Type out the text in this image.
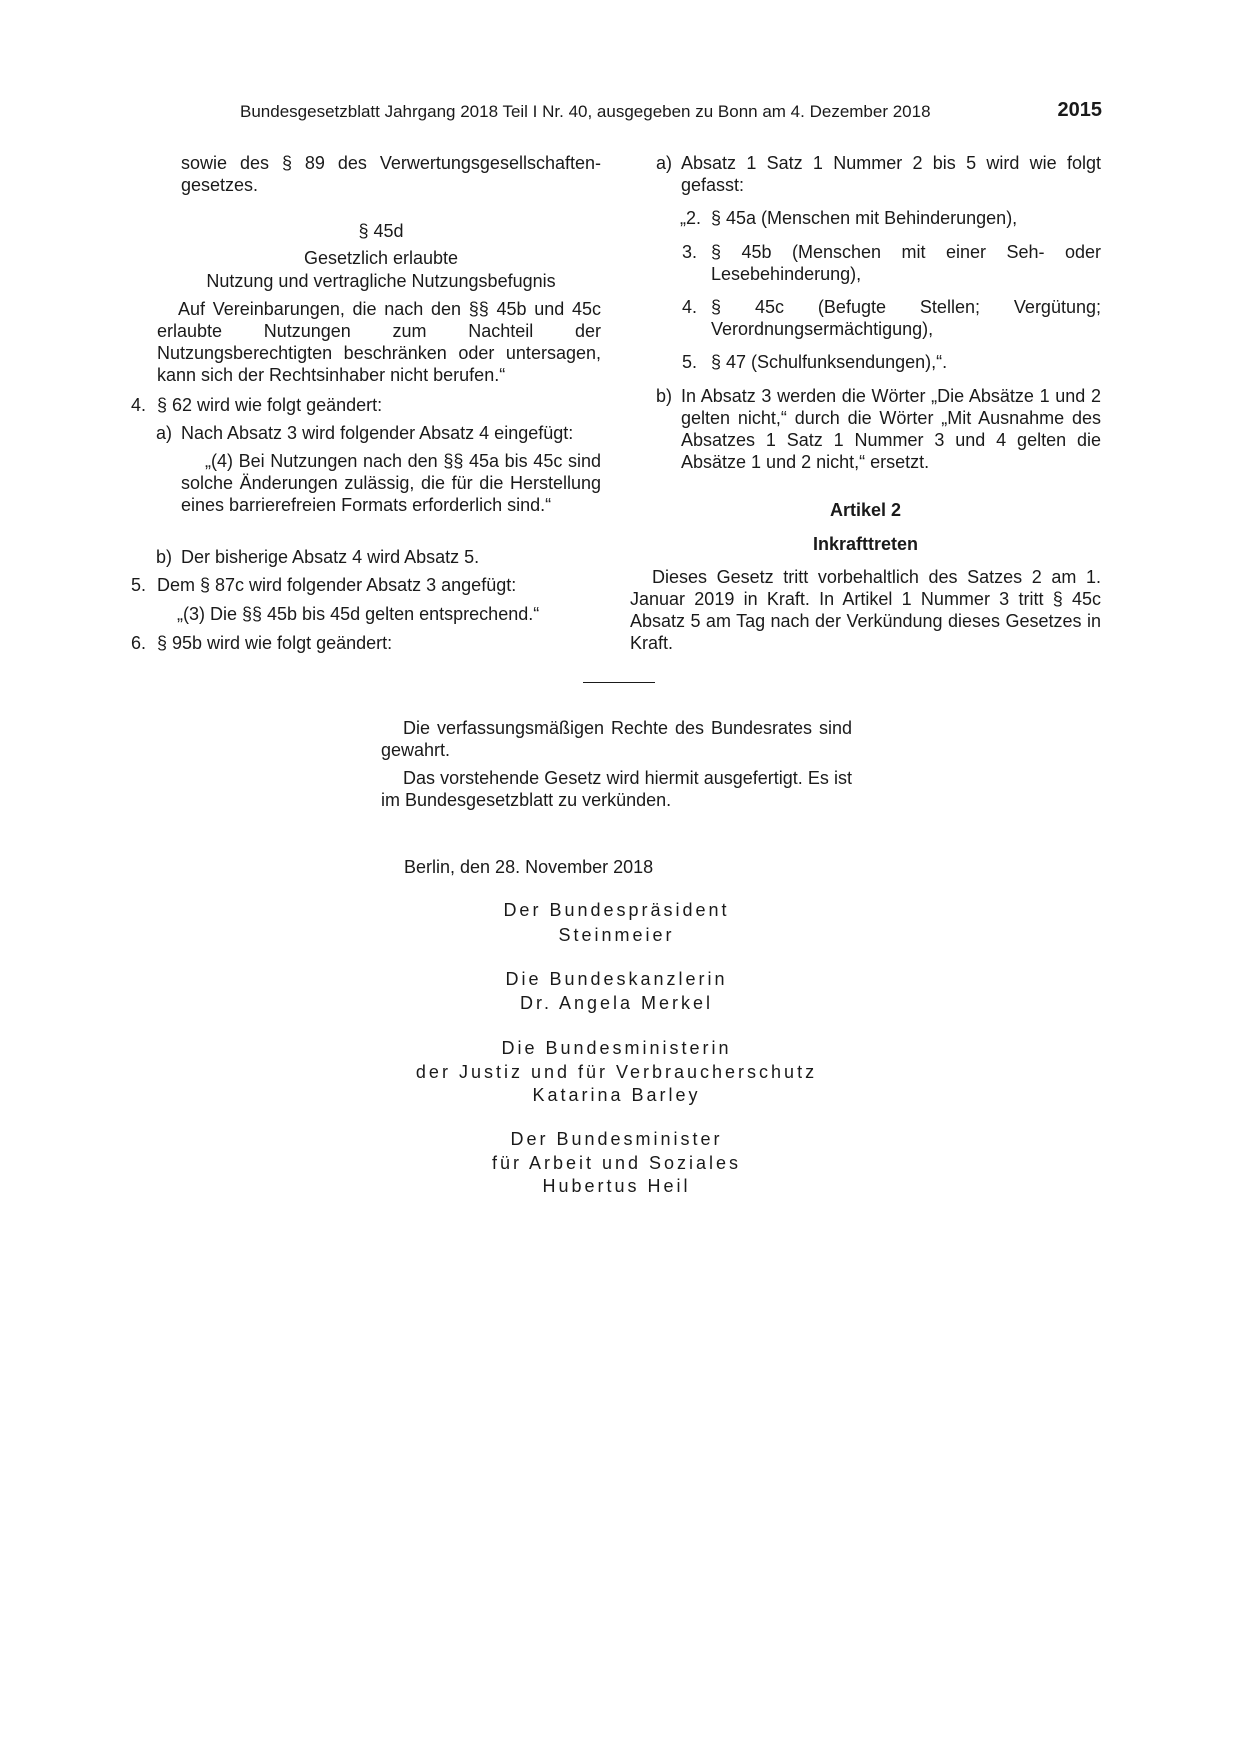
Bundesgesetzblatt Jahrgang 2018 Teil I Nr. 40, ausgegeben zu Bonn am 4. Dezember 2018	2015
sowie des § 89 des Verwertungsgesellschaftengesetzes.
§ 45d
Gesetzlich erlaubte
Nutzung und vertragliche Nutzungsbefugnis
Auf Vereinbarungen, die nach den §§ 45b und 45c erlaubte Nutzungen zum Nachteil der Nutzungsberechtigten beschränken oder untersagen, kann sich der Rechtsinhaber nicht berufen.“
4. § 62 wird wie folgt geändert:
a) Nach Absatz 3 wird folgender Absatz 4 eingefügt:
„(4) Bei Nutzungen nach den §§ 45a bis 45c sind solche Änderungen zulässig, die für die Herstellung eines barrierefreien Formats erforderlich sind.“
b) Der bisherige Absatz 4 wird Absatz 5.
5. Dem § 87c wird folgender Absatz 3 angefügt:
„(3) Die §§ 45b bis 45d gelten entsprechend.“
6. § 95b wird wie folgt geändert:
a) Absatz 1 Satz 1 Nummer 2 bis 5 wird wie folgt gefasst:
„2. § 45a (Menschen mit Behinderungen),
3. § 45b (Menschen mit einer Seh- oder Lesebehinderung),
4. § 45c (Befugte Stellen; Vergütung; Verordnungsermächtigung),
5. § 47 (Schulfunksendungen),“.
b) In Absatz 3 werden die Wörter „Die Absätze 1 und 2 gelten nicht,“ durch die Wörter „Mit Ausnahme des Absatzes 1 Satz 1 Nummer 3 und 4 gelten die Absätze 1 und 2 nicht,“ ersetzt.
Artikel 2
Inkrafttreten
Dieses Gesetz tritt vorbehaltlich des Satzes 2 am 1. Januar 2019 in Kraft. In Artikel 1 Nummer 3 tritt § 45c Absatz 5 am Tag nach der Verkündung dieses Gesetzes in Kraft.
Die verfassungsmäßigen Rechte des Bundesrates sind gewahrt.
Das vorstehende Gesetz wird hiermit ausgefertigt. Es ist im Bundesgesetzblatt zu verkünden.
Berlin, den 28. November 2018
Der Bundespräsident
Steinmeier
Die Bundeskanzlerin
Dr. Angela Merkel
Die Bundesministerin
der Justiz und für Verbraucherschutz
Katarina Barley
Der Bundesminister
für Arbeit und Soziales
Hubertus Heil
